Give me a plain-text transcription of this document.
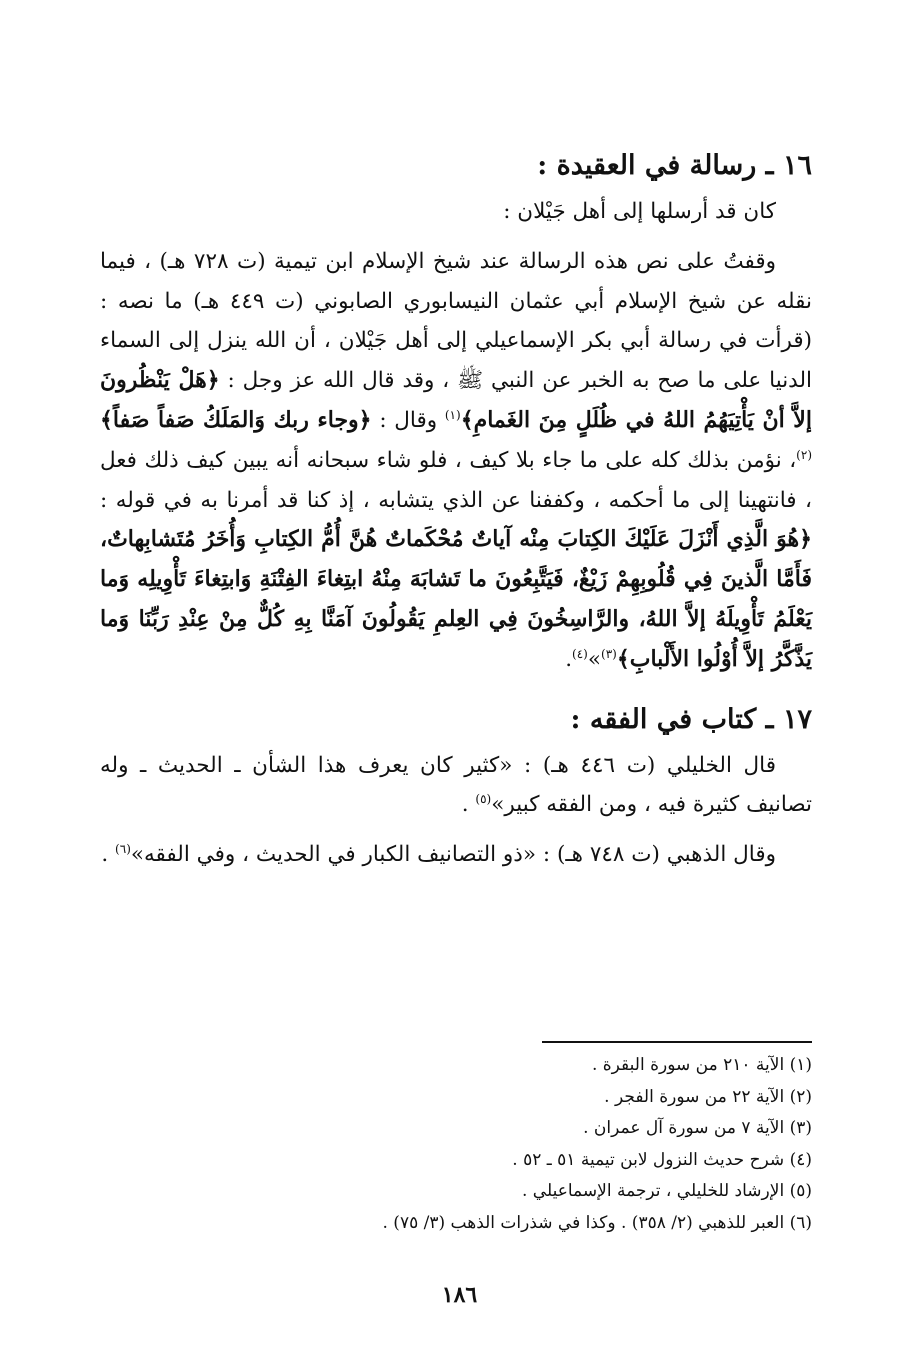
١٦ ـ رسالة في العقيدة :

كان قد أرسلها إلى أهل جَيْلان :

وقفتُ على نص هذه الرسالة عند شيخ الإسلام ابن تيمية (ت ٧٢٨ هـ) ، فيما نقله عن شيخ الإسلام أبي عثمان النيسابوري الصابوني (ت ٤٤٩ هـ) ما نصه : (قرأت في رسالة أبي بكر الإسماعيلي إلى أهل جَيْلان ، أن الله ينزل إلى السماء الدنيا على ما صح به الخبر عن النبي ﷺ ، وقد قال الله عز وجل : ﴿هَلْ يَنْظُرونَ إلاَّ أنْ يَأْتِيَهُمُ اللهُ في ظُلَلٍ مِنَ الغَمامِ﴾$^{(١)}$ وقال : ﴿وجاء ربك وَالمَلَكُ صَفاً صَفاً﴾$^{(٢)}$، نؤمن بذلك كله على ما جاء بلا كيف ، فلو شاء سبحانه أنه يبين كيف ذلك فعل ، فانتهينا إلى ما أحكمه ، وكففنا عن الذي يتشابه ، إذ كنا قد أمرنا به في قوله : ﴿هُوَ الَّذِي أَنْزَلَ عَلَيْكَ الكِتابَ مِنْه آياتٌ مُحْكَماتٌ هُنَّ أُمُّ الكِتابِ وَأُخَرُ مُتَشابِهاتٌ، فَأَمَّا الَّذينَ فِي قُلُوبِهِمْ زَيْغٌ، فَيَتَّبِعُونَ ما تَشابَهَ مِنْهُ ابتِغاءَ الفِتْنَةِ وَابتِغاءَ تَأْوِيلِه وَما يَعْلَمُ تَأْوِيلَهُ إلاَّ اللهُ، والرَّاسِخُونَ فِي العِلمِ يَقُولُونَ آمَنَّا بِهِ كُلٌّ مِنْ عِنْدِ رَبِّنَا وَما يَذَّكَّرُ إلاَّ أُوْلُوا الأَلْبابِ﴾$^{(٣)}$»$^{(٤)}$.

١٧ ـ كتاب في الفقه :

قال الخليلي (ت ٤٤٦ هـ) : «كثير كان يعرف هذا الشأن ـ الحديث ـ وله تصانيف كثيرة فيه ، ومن الفقه كبير»$^{(٥)}$ .

وقال الذهبي (ت ٧٤٨ هـ) : «ذو التصانيف الكبار في الحديث ، وفي الفقه»$^{(٦)}$ .

(١) الآية ٢١٠ من سورة البقرة .
(٢) الآية ٢٢ من سورة الفجر .
(٣) الآية ٧ من سورة آل عمران .
(٤) شرح حديث النزول لابن تيمية ٥١ ـ ٥٢ .
(٥) الإرشاد للخليلي ، ترجمة الإسماعيلي .
(٦) العبر للذهبي (٢/ ٣٥٨) . وكذا في شذرات الذهب (٣/ ٧٥) .
١٨٦
